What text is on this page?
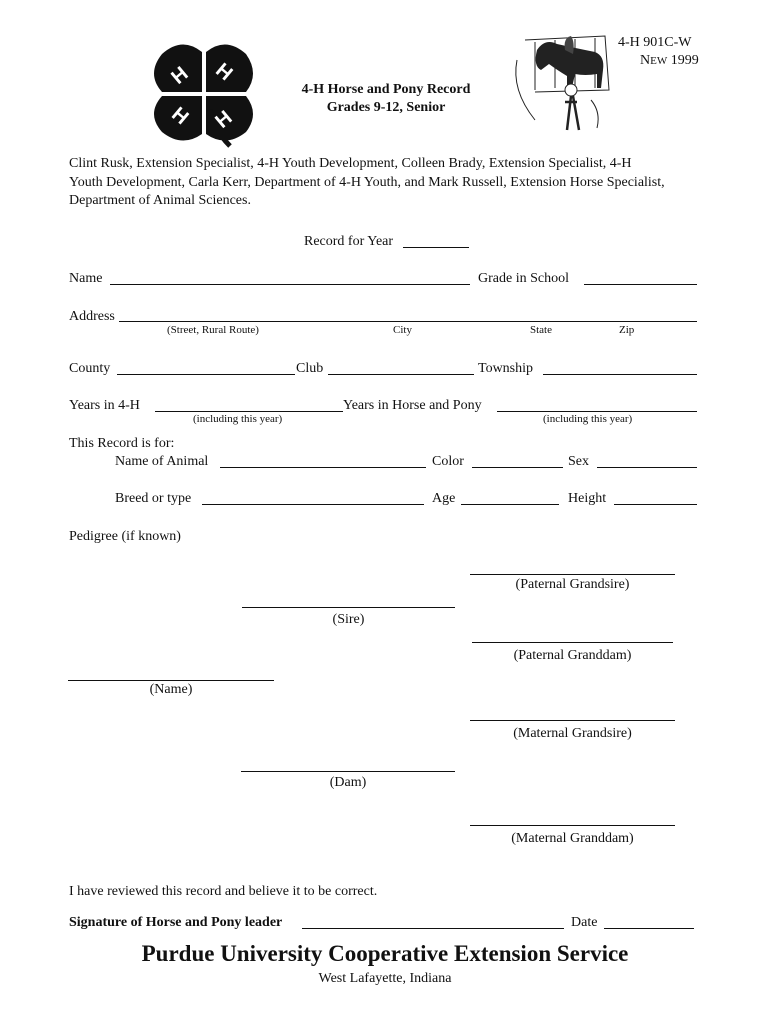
H H
H H
4-H 901C-W
NEW 1999
4-H Horse and Pony Record
Grades 9-12, Senior
Clint Rusk, Extension Specialist, 4-H Youth Development, Colleen Brady, Extension Specialist, 4-H
Youth Development, Carla Kerr, Department of 4-H Youth, and Mark Russell, Extension Horse Specialist,
Department of Animal Sciences.
Record for Year
Name	Grade in School
Address
(Street, Rural Route)	City	State	Zip
County	Club	Township
Years in 4-H
(including this year)
Years in Horse and Pony
(including this year)
This Record is for:
Name of Animal	Color	Sex
Breed or type	Age	Height
Pedigree (if known)
(Paternal Grandsire)
(Sire)
(Paternal Granddam)
(Name)
(Maternal Grandsire)
(Dam)
(Maternal Granddam)
I have reviewed this record and believe it to be correct.
Signature of Horse and Pony leader	Date
Purdue University Cooperative Extension Service
West Lafayette, Indiana
